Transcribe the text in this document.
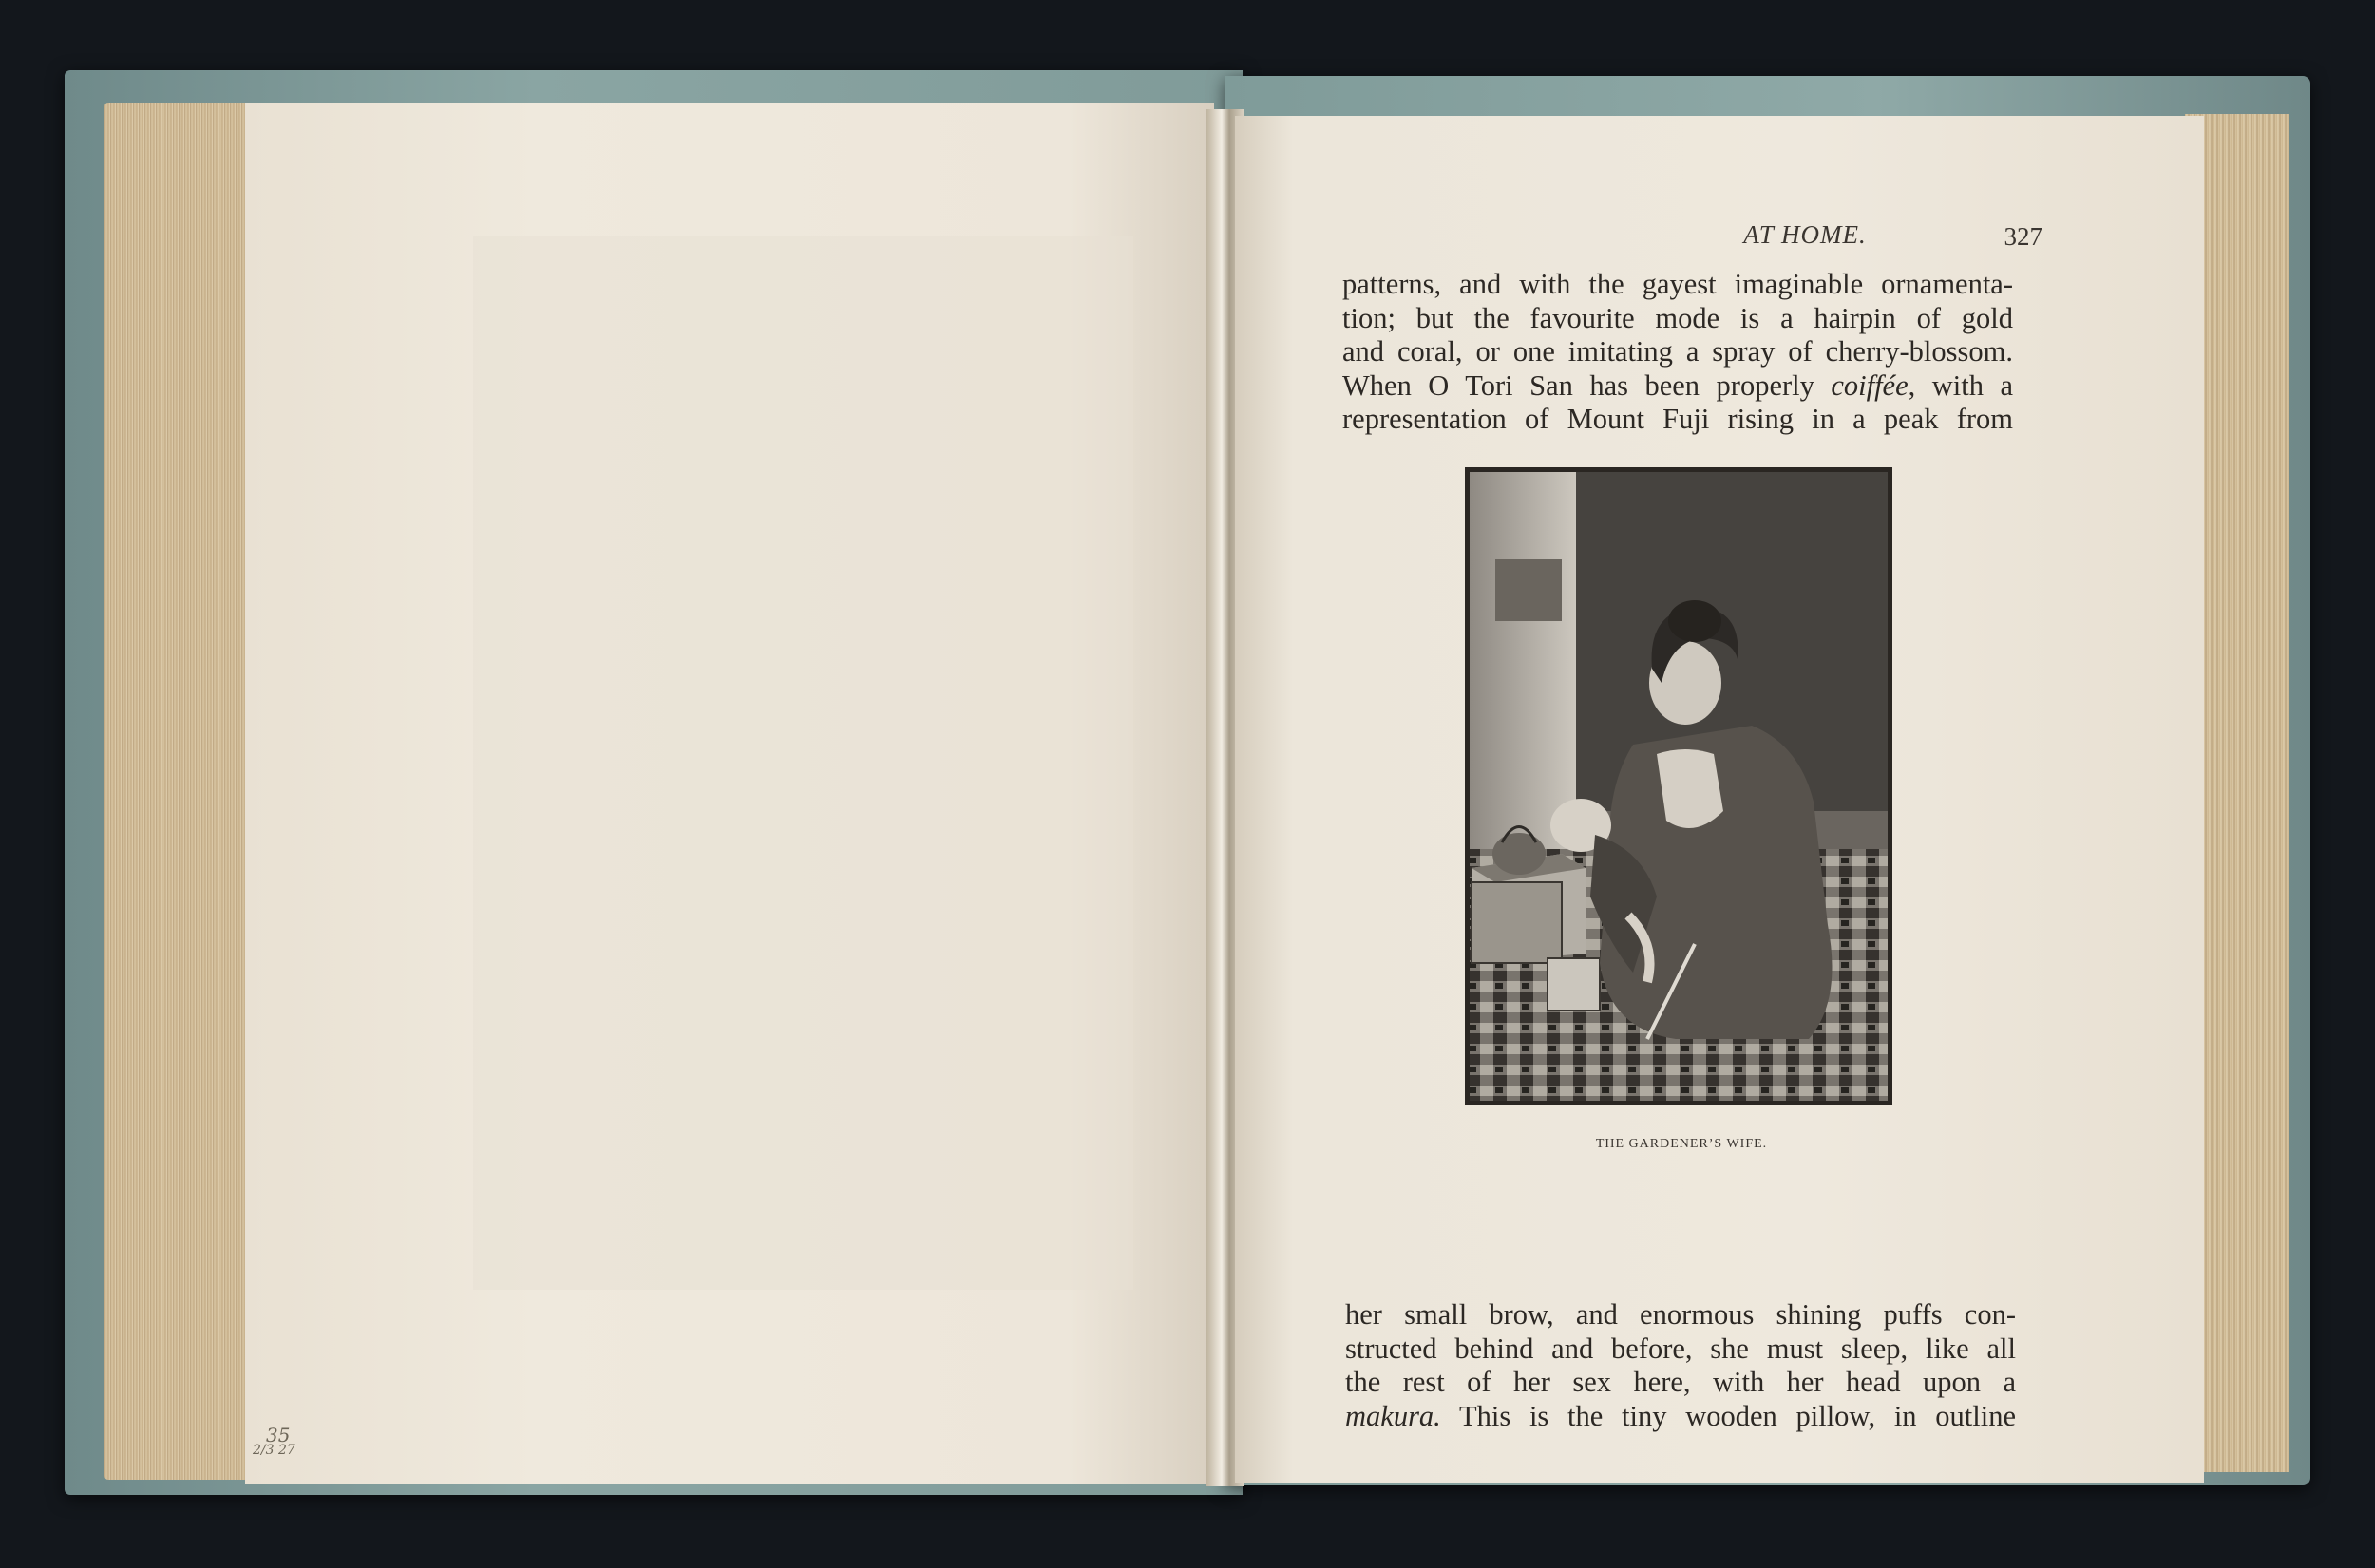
35
2/3 27
AT HOME.	327
patterns, and with the gayest imaginable ornamenta-
tion; but the favourite mode is a hairpin of gold
and coral, or one imitating a spray of cherry-blossom.
When O Tori San has been properly coiffée, with a
representation of Mount Fuji rising in a peak from
THE GARDENER’S WIFE.
her small brow, and enormous shining puffs con-
structed behind and before, she must sleep, like all
the rest of her sex here, with her head upon a
makura. This is the tiny wooden pillow, in outline
